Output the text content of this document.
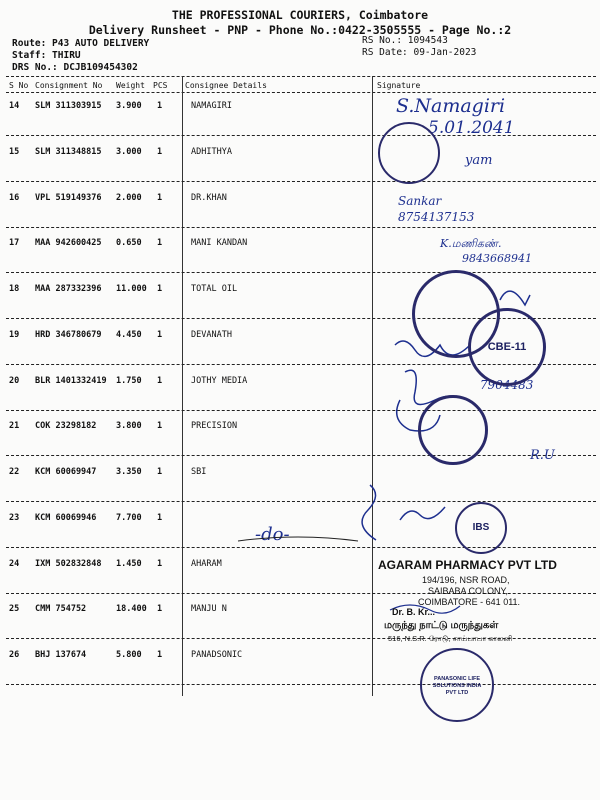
THE PROFESSIONAL COURIERS, Coimbatore
Delivery Runsheet - PNP - Phone No.:0422-3505555 - Page No.:2
Route: P43 AUTO DELIVERY
Staff: THIRU
DRS No.: DCJB109454302
RS No.: 1094543
RS Date: 09-Jan-2023
S No Consignment No Weight PCS Consignee Details	Signature
14 SLM 311303915 3.900 1	NAMAGIRI
15 SLM 311348815 3.000 1	ADHITHYA
16 VPL 519149376 2.000 1	DR.KHAN
17 MAA 942600425 0.650 1	MANI KANDAN
18 MAA 287332396 11.000 1	TOTAL OIL
19 HRD 346780679 4.450 1	DEVANATH
20 BLR 1401332419 1.750 1	JOTHY MEDIA
21 COK 23298182 3.800 1	PRECISION
22 KCM 60069947 3.350 1	SBI
23 KCM 60069946 7.700 1
24 IXM 502832848 1.450 1	AHARAM
25 CMM 754752	18.400 1	MANJU N
26 BHJ 137674	5.800 1	PANADSONIC
S.Namagiri
5.01.2041
yam
Sankar
8754137153
K.மணிகண்.
9843668941
7904483
R.U
-do-
CBE-11
IBS
PANASONIC LIFE SOLUTIONS INDIA PVT LTD
AGARAM PHARMACY PVT LTD
194/196, NSR ROAD,
SAIBABA COLONY,
COIMBATORE - 641 011.
Dr. B. Kr...
மருந்து நாட்டு மருந்துகள்
516, N.S.R. ரோடு, சாய்பாபா காலனி
